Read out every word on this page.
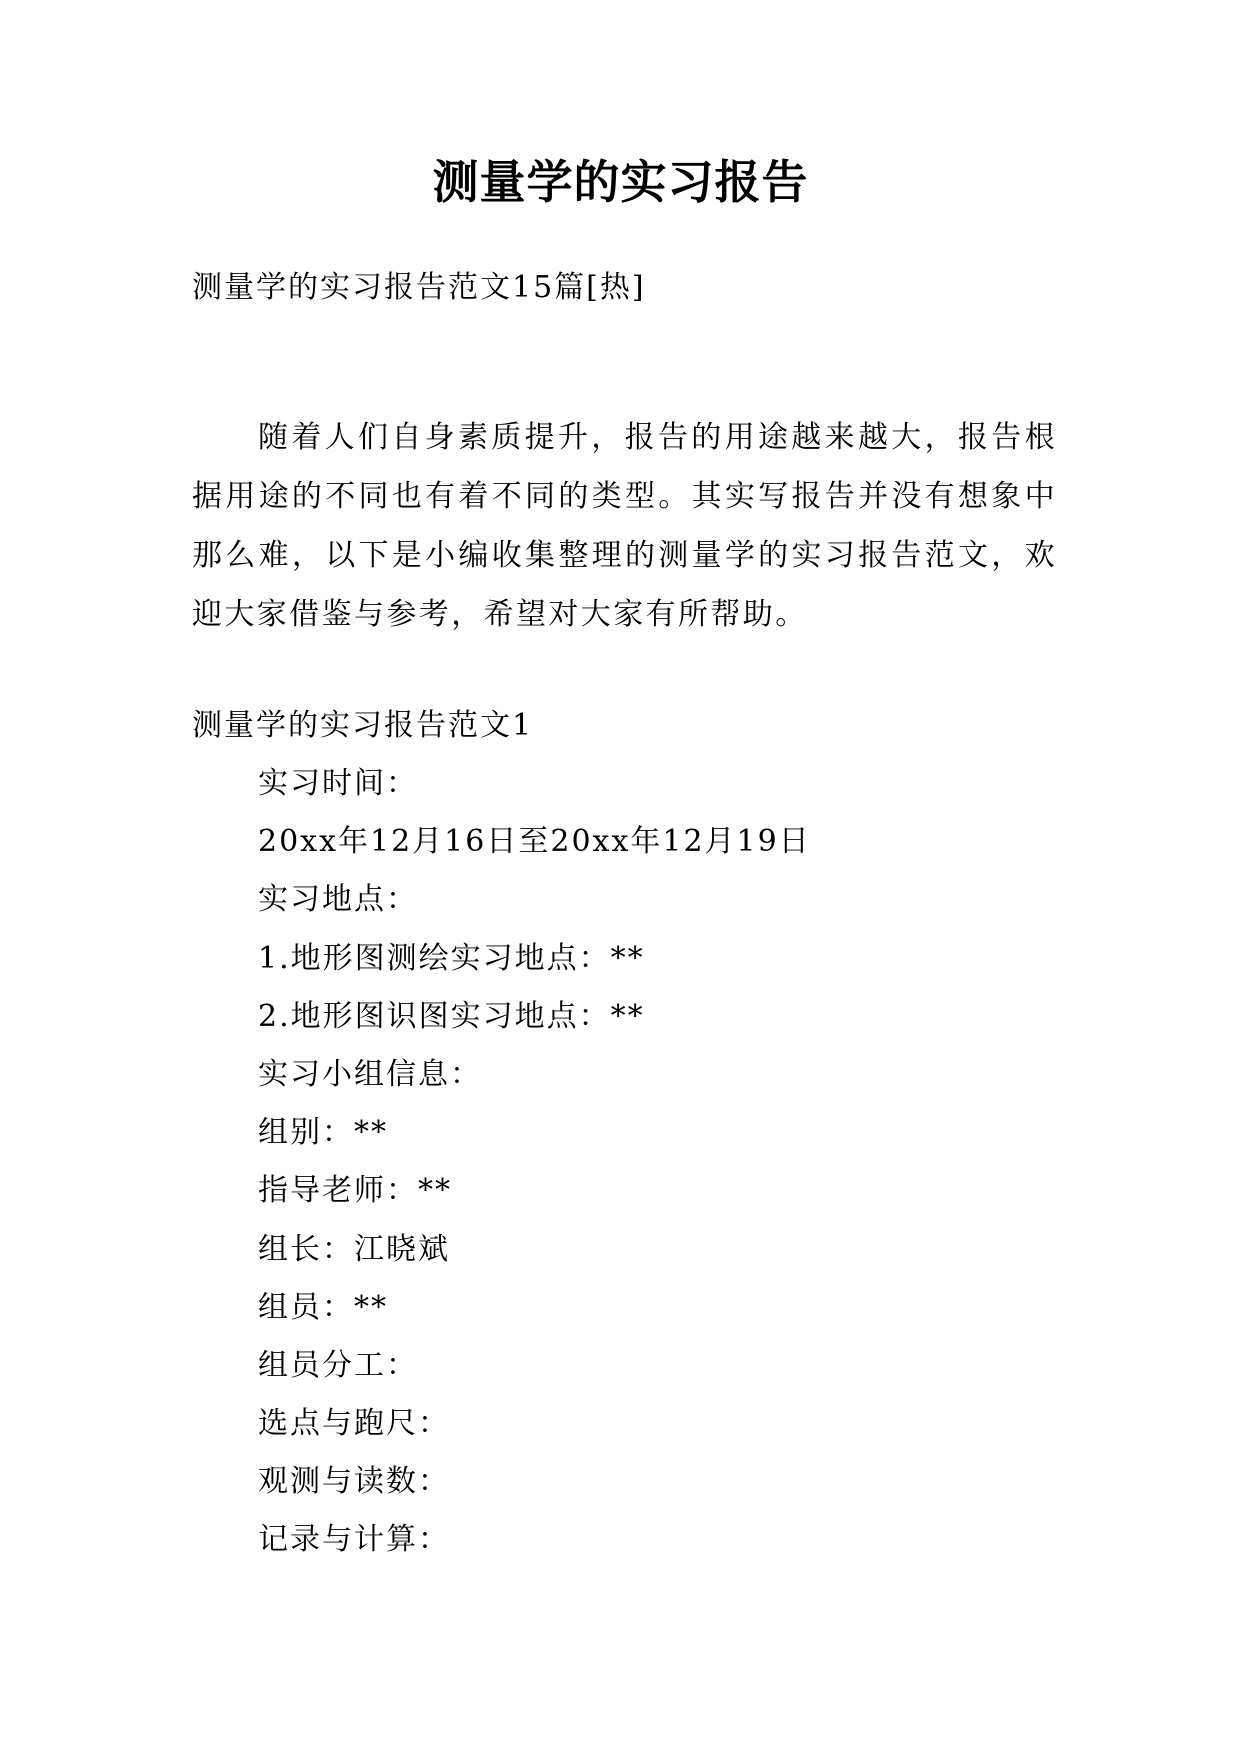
测量学的实习报告
测量学的实习报告范文15篇[热]

随着人们自身素质提升，报告的用途越来越大，报告根据用途的不同也有着不同的类型。其实写报告并没有想象中那么难，以下是小编收集整理的测量学的实习报告范文，欢迎大家借鉴与参考，希望对大家有所帮助。

测量学的实习报告范文1
实习时间：
20xx年12月16日至20xx年12月19日
实习地点：
1.地形图测绘实习地点：**
2.地形图识图实习地点：**
实习小组信息：
组别：**
指导老师：**
组长：江晓斌
组员：**
组员分工：
选点与跑尺：
观测与读数：
记录与计算：
